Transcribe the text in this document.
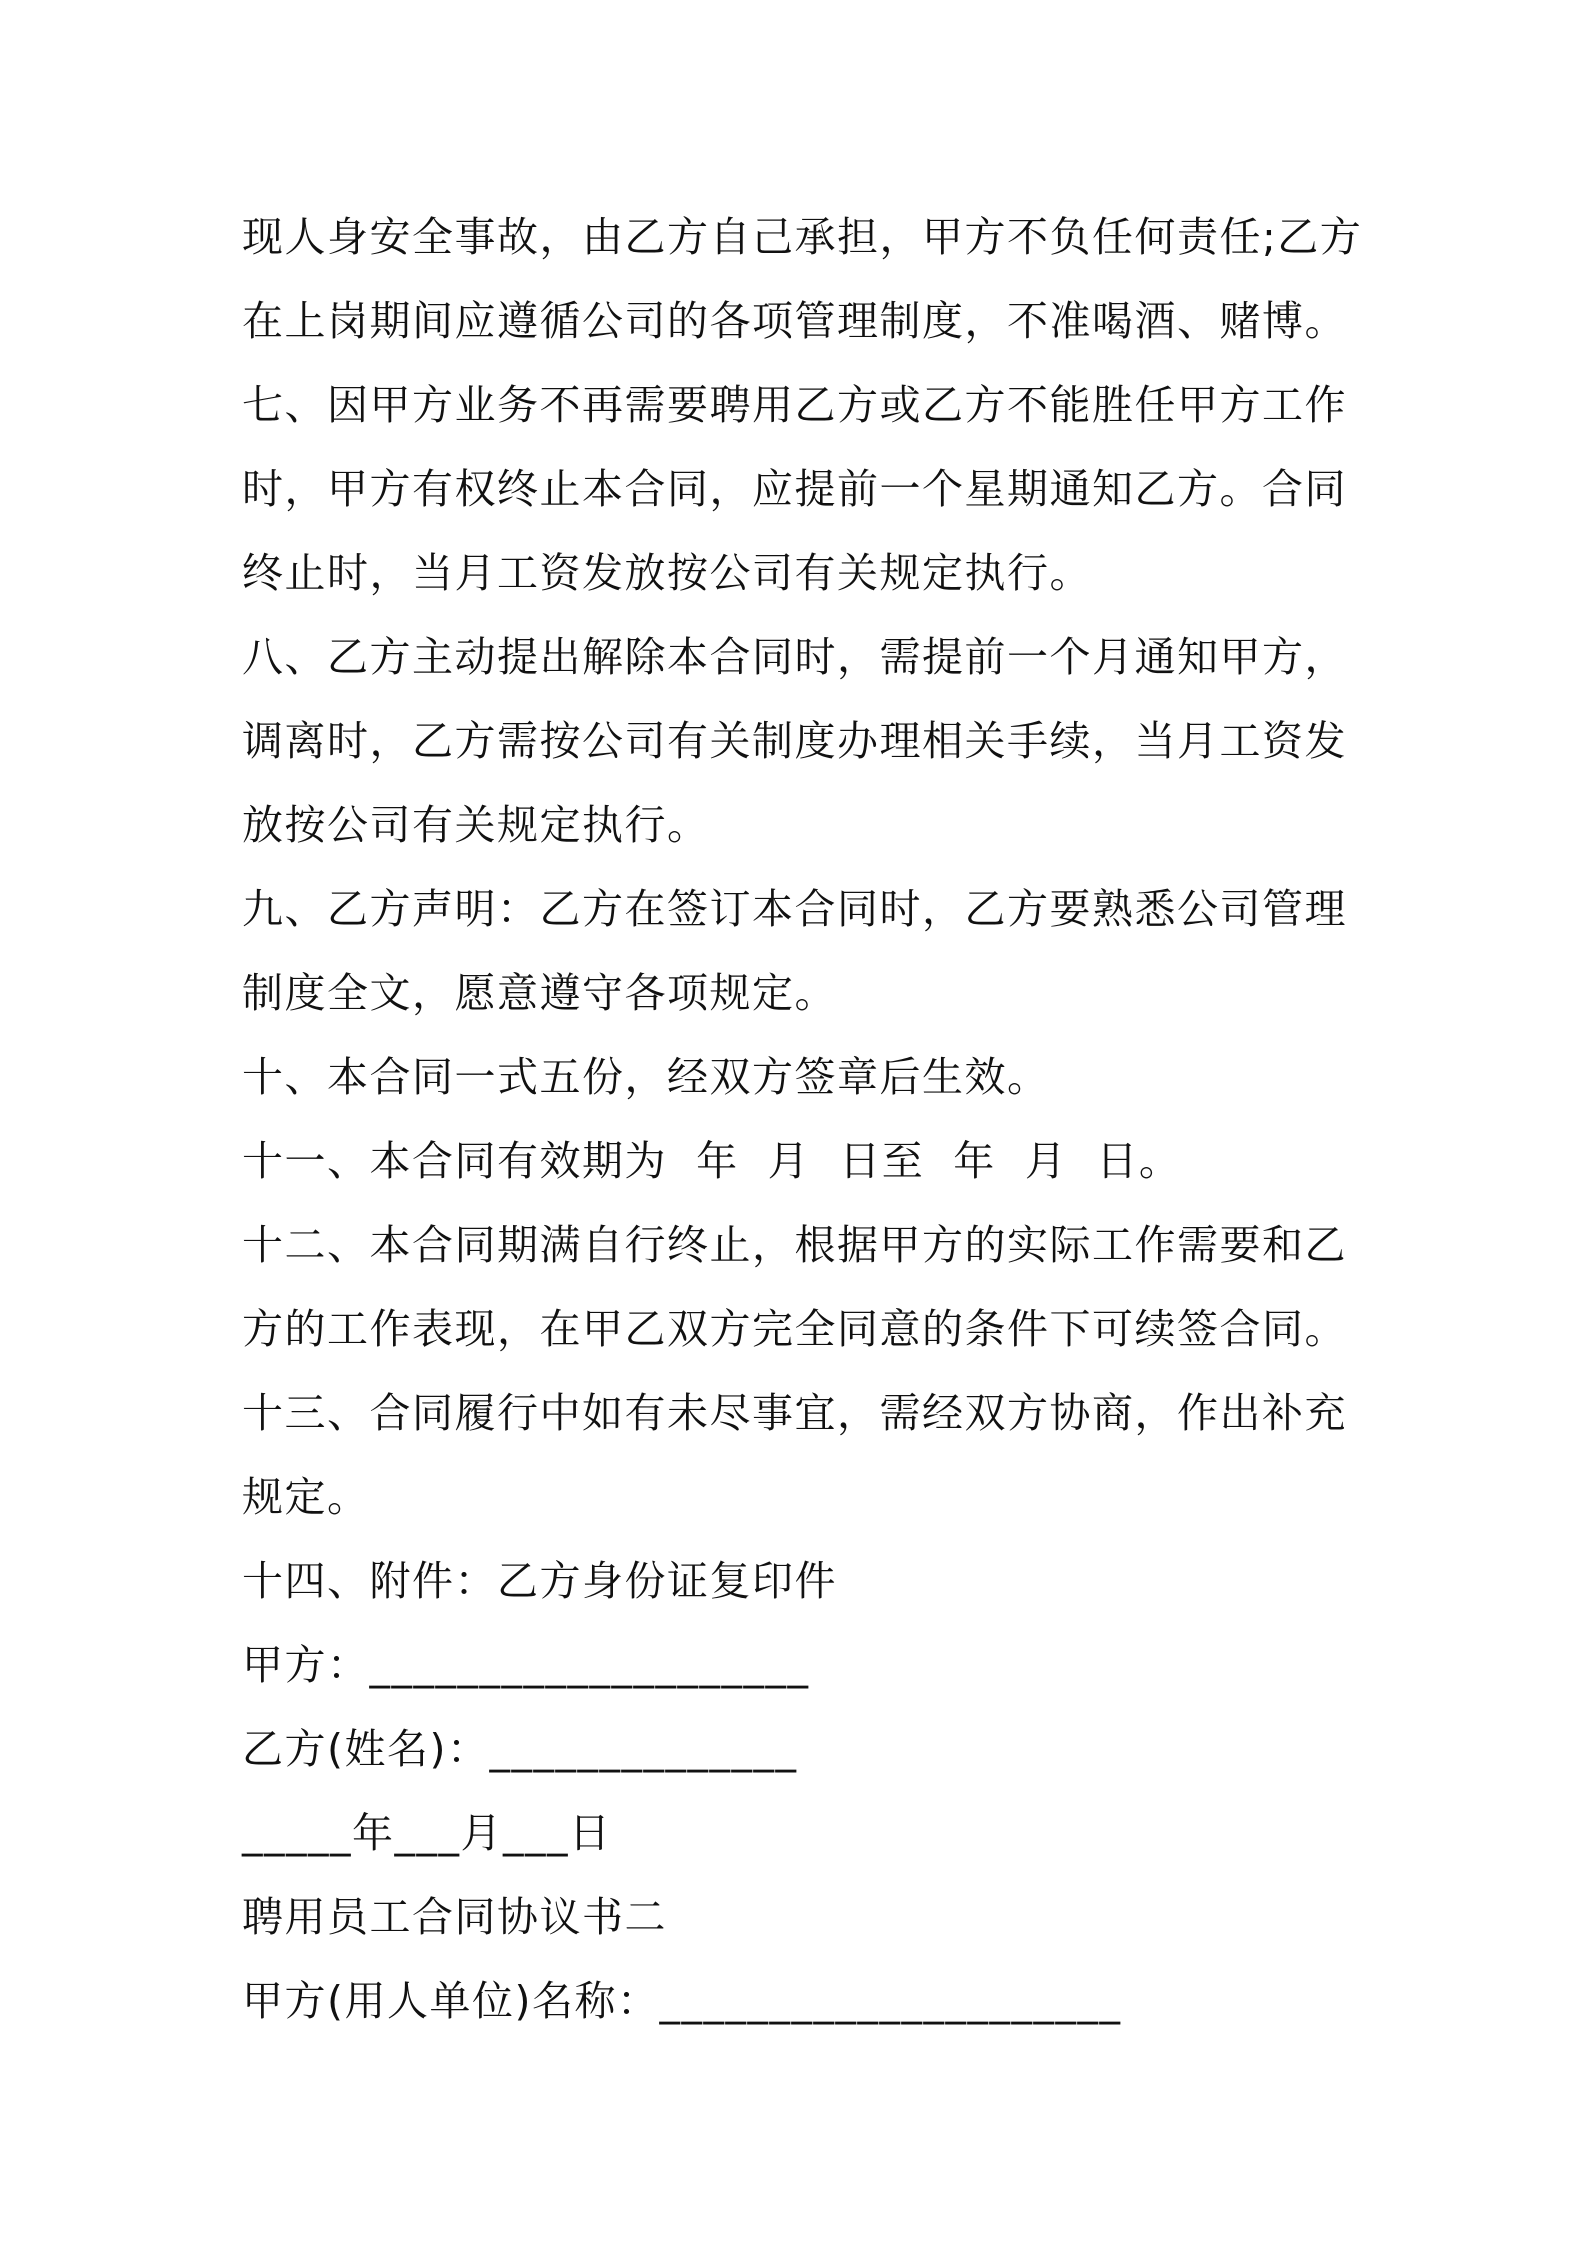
现人身安全事故，由乙方自己承担，甲方不负任何责任;乙方

在上岗期间应遵循公司的各项管理制度，不准喝酒、赌博。

七、因甲方业务不再需要聘用乙方或乙方不能胜任甲方工作

时，甲方有权终止本合同，应提前一个星期通知乙方。合同

终止时，当月工资发放按公司有关规定执行。

八、乙方主动提出解除本合同时，需提前一个月通知甲方，

调离时，乙方需按公司有关制度办理相关手续，当月工资发

放按公司有关规定执行。

九、乙方声明：乙方在签订本合同时，乙方要熟悉公司管理

制度全文，愿意遵守各项规定。

十、本合同一式五份，经双方签章后生效。

十一、本合同有效期为  年  月  日至  年  月  日。

十二、本合同期满自行终止，根据甲方的实际工作需要和乙

方的工作表现，在甲乙双方完全同意的条件下可续签合同。

十三、合同履行中如有未尽事宜，需经双方协商，作出补充

规定。

十四、附件：乙方身份证复印件

甲方：____________________

乙方(姓名)：______________

_____年___月___日

聘用员工合同协议书二

甲方(用人单位)名称：_____________________
